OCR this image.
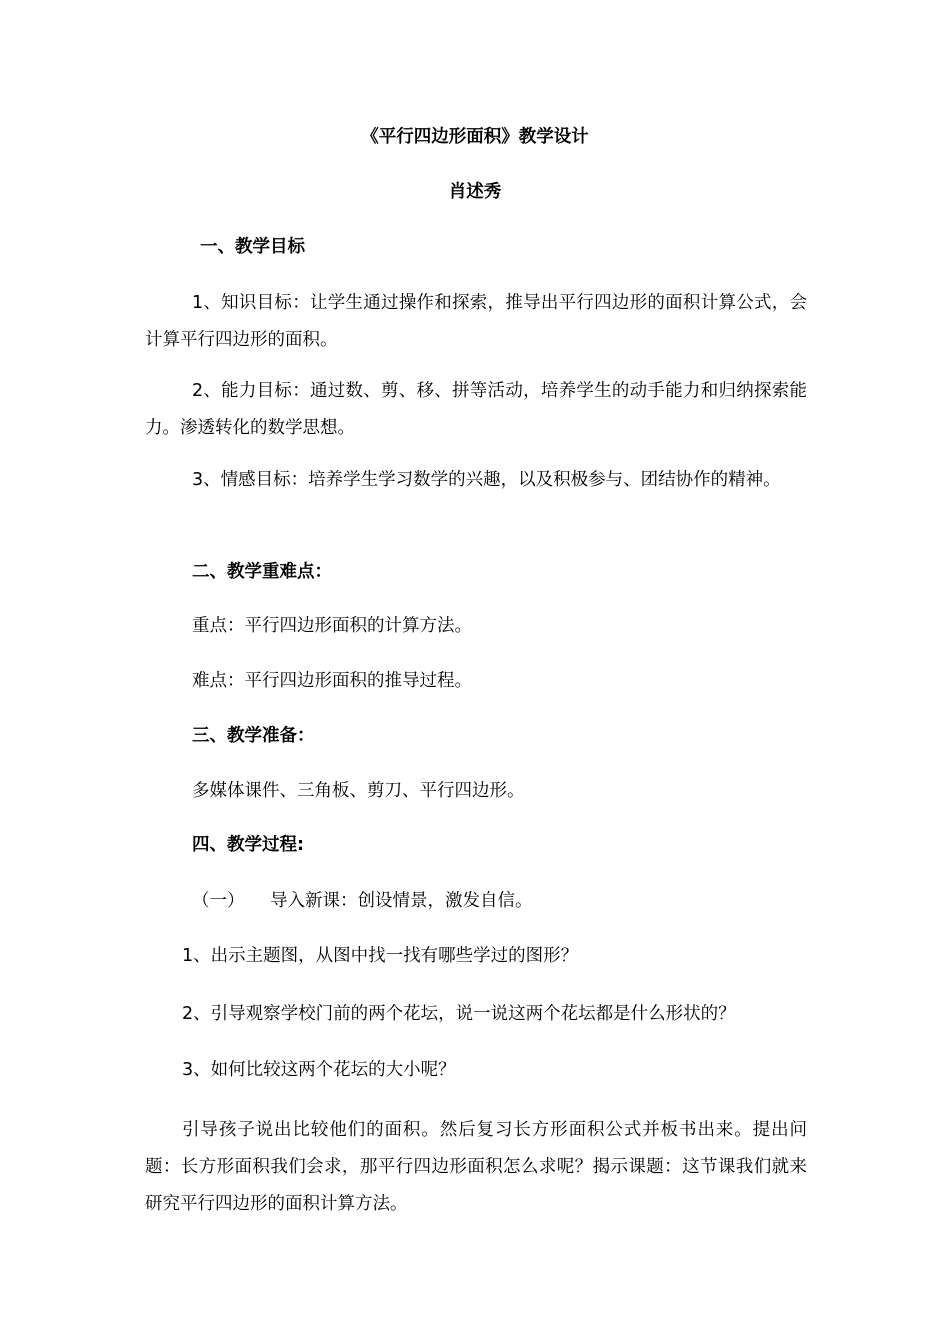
《平行四边形面积》教学设计
肖述秀
一、教学目标
1、知识目标：让学生通过操作和探索，推导出平行四边形的面积计算公式，会计算平行四边形的面积。
2、能力目标：通过数、剪、移、拼等活动，培养学生的动手能力和归纳探索能力。渗透转化的数学思想。
3、情感目标：培养学生学习数学的兴趣，以及积极参与、团结协作的精神。
二、教学重难点：
重点：平行四边形面积的计算方法。
难点：平行四边形面积的推导过程。
三、教学准备：
多媒体课件、三角板、剪刀、平行四边形。
四、教学过程:
（一） 导入新课：创设情景，激发自信。
1、出示主题图，从图中找一找有哪些学过的图形？
2、引导观察学校门前的两个花坛，说一说这两个花坛都是什么形状的？
3、如何比较这两个花坛的大小呢？
引导孩子说出比较他们的面积。然后复习长方形面积公式并板书出来。提出问题：长方形面积我们会求，那平行四边形面积怎么求呢？揭示课题：这节课我们就来研究平行四边形的面积计算方法。
